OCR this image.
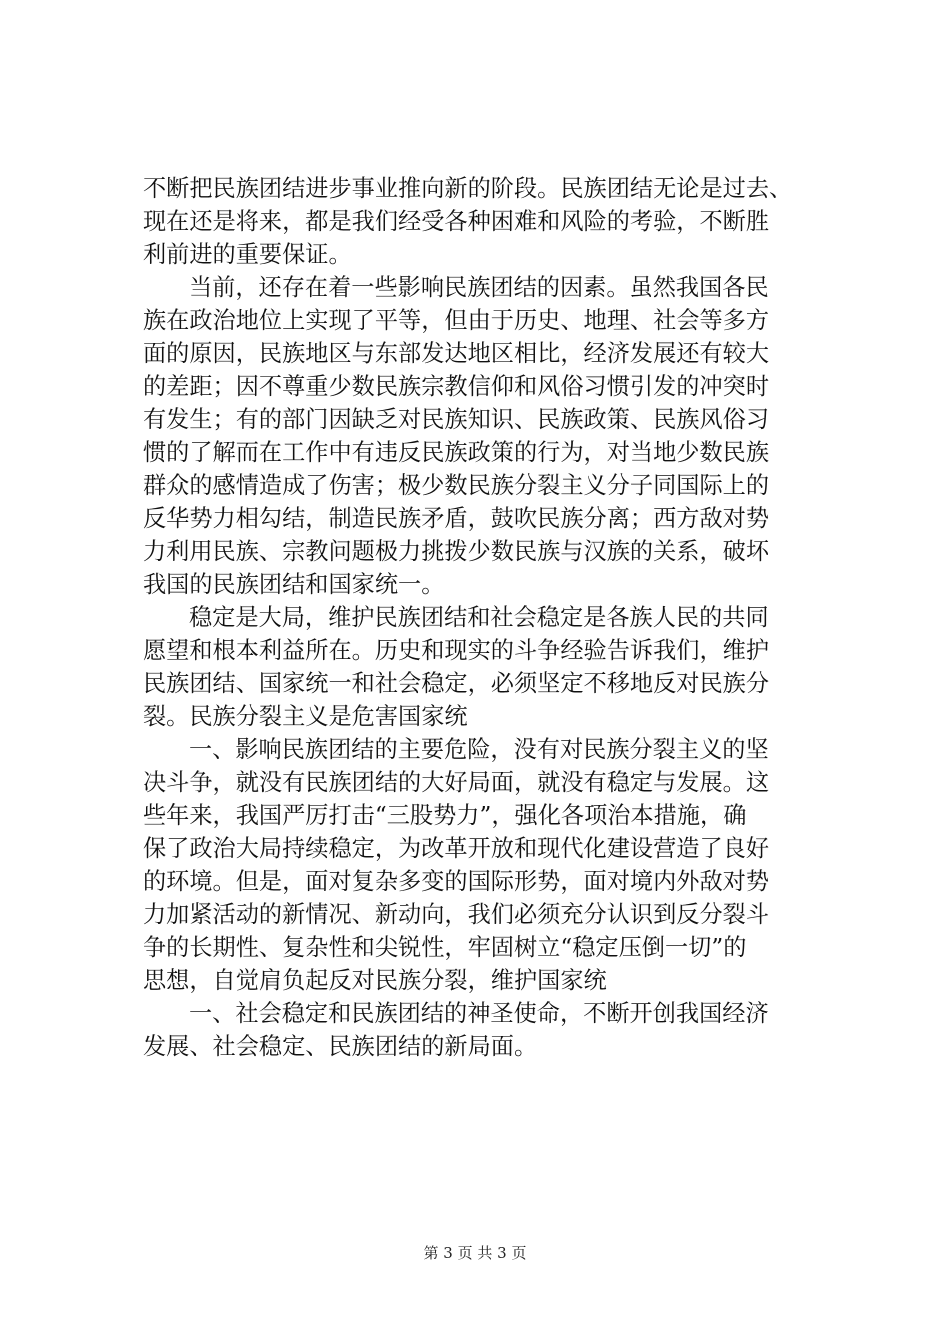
不断把民族团结进步事业推向新的阶段。民族团结无论是过去、
现在还是将来，都是我们经受各种困难和风险的考验，不断胜
利前进的重要保证。
当前，还存在着一些影响民族团结的因素。虽然我国各民
族在政治地位上实现了平等，但由于历史、地理、社会等多方
面的原因，民族地区与东部发达地区相比，经济发展还有较大
的差距；因不尊重少数民族宗教信仰和风俗习惯引发的冲突时
有发生；有的部门因缺乏对民族知识、民族政策、民族风俗习
惯的了解而在工作中有违反民族政策的行为，对当地少数民族
群众的感情造成了伤害；极少数民族分裂主义分子同国际上的
反华势力相勾结，制造民族矛盾，鼓吹民族分离；西方敌对势
力利用民族、宗教问题极力挑拨少数民族与汉族的关系，破坏
我国的民族团结和国家统一。
稳定是大局，维护民族团结和社会稳定是各族人民的共同
愿望和根本利益所在。历史和现实的斗争经验告诉我们，维护
民族团结、国家统一和社会稳定，必须坚定不移地反对民族分
裂。民族分裂主义是危害国家统
一、影响民族团结的主要危险，没有对民族分裂主义的坚
决斗争，就没有民族团结的大好局面，就没有稳定与发展。这
些年来，我国严厉打击“三股势力”，强化各项治本措施，确
保了政治大局持续稳定，为改革开放和现代化建设营造了良好
的环境。但是，面对复杂多变的国际形势，面对境内外敌对势
力加紧活动的新情况、新动向，我们必须充分认识到反分裂斗
争的长期性、复杂性和尖锐性，牢固树立“稳定压倒一切”的
思想，自觉肩负起反对民族分裂，维护国家统
一、社会稳定和民族团结的神圣使命，不断开创我国经济
发展、社会稳定、民族团结的新局面。
第 3 页 共 3 页
